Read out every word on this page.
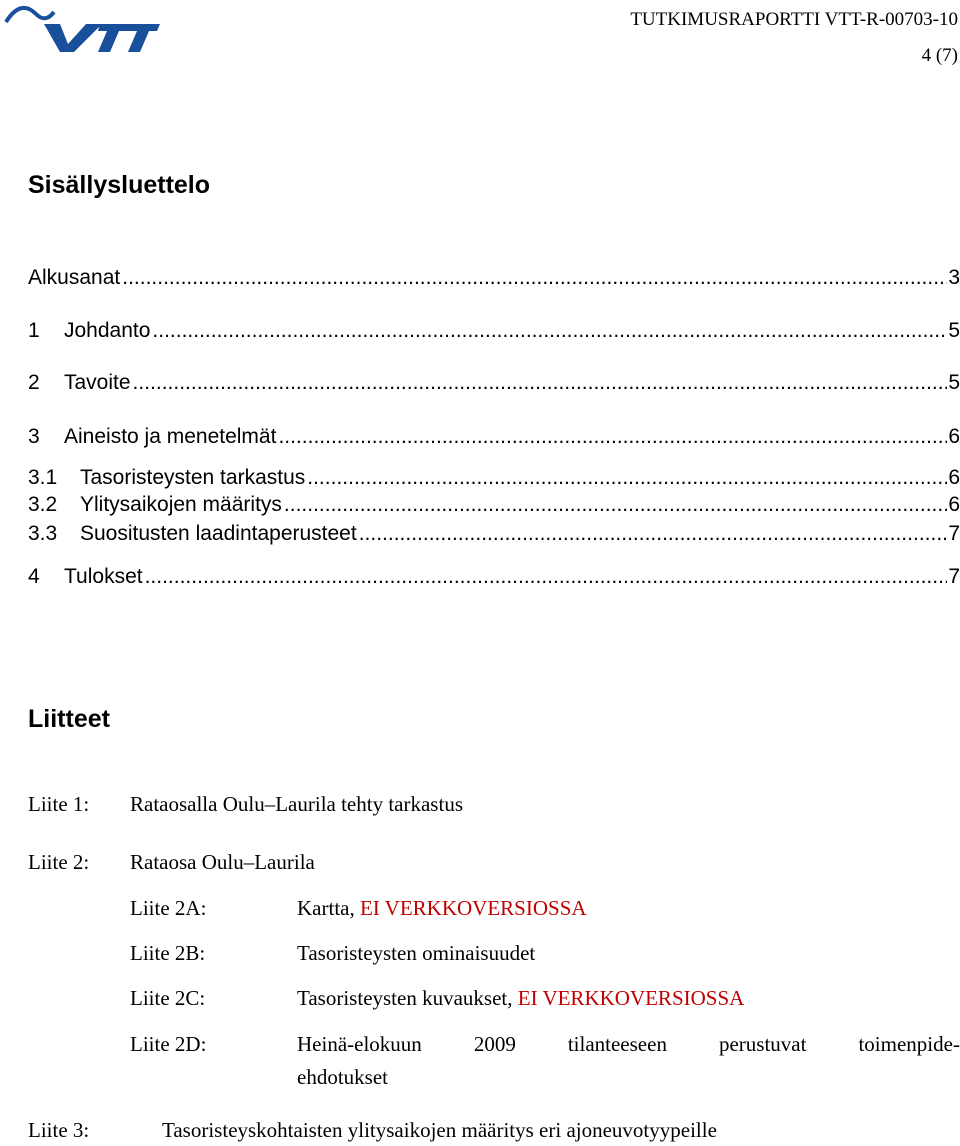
TUTKIMUSRAPORTTI VTT-R-00703-10
4 (7)
Sisällysluettelo
Alkusanat .....	3
1	Johdanto .....	5
2	Tavoite .....	5
3	Aineisto ja menetelmät .....	6
3.1	Tasoristeysten tarkastus .....	6
3.2	Ylitysaikojen määritys .....	6
3.3	Suositusten laadintaperusteet .....	7
4	Tulokset .....	7
Liitteet
Liite 1: Rataosalla Oulu–Laurila tehty tarkastus
Liite 2: Rataosa Oulu–Laurila
Liite 2A:	Kartta, EI VERKKOVERSIOSSA
Liite 2B:	Tasoristeysten ominaisuudet
Liite 2C:	Tasoristeysten kuvaukset, EI VERKKOVERSIOSSA
Liite 2D:	Heinä-elokuun 2009 tilanteeseen perustuvat toimenpide-
ehdotukset
Liite 3:	Tasoristeyskohtaisten ylitysaikojen määritys eri ajoneuvotyypeille
